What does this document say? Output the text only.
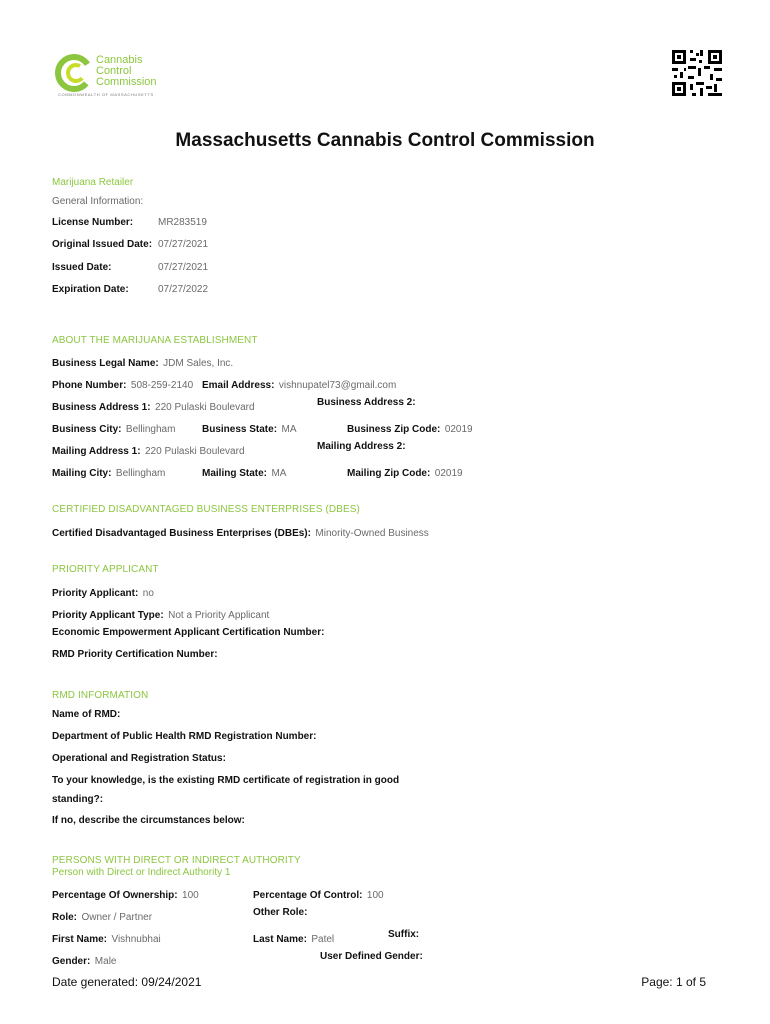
Cannabis
Control
Commission
COMMONWEALTH OF MASSACHUSETTS
Massachusetts Cannabis Control Commission
Marijuana Retailer
General Information:
License Number: MR283519
Original Issued Date: 07/27/2021
Issued Date:	07/27/2021
Expiration Date:	07/27/2022
ABOUT THE MARIJUANA ESTABLISHMENT
Business Legal Name: JDM Sales, Inc.
Phone Number: 508-259-2140 Email Address: vishnupatel73@gmail.com
Business Address 1: 220 Pulaski Boulevard	Business Address 2:
Business City: Bellingham	Business State: MA	Business Zip Code: 02019
Mailing Address 1: 220 Pulaski Boulevard	Mailing Address 2:
Mailing City: Bellingham	Mailing State: MA	Mailing Zip Code: 02019
CERTIFIED DISADVANTAGED BUSINESS ENTERPRISES (DBES)
Certified Disadvantaged Business Enterprises (DBEs): Minority-Owned Business
PRIORITY APPLICANT
Priority Applicant: no
Priority Applicant Type: Not a Priority Applicant
Economic Empowerment Applicant Certification Number:
RMD Priority Certification Number:
RMD INFORMATION
Name of RMD:
Department of Public Health RMD Registration Number:
Operational and Registration Status:
To your knowledge, is the existing RMD certificate of registration in good
standing?:
If no, describe the circumstances below:
PERSONS WITH DIRECT OR INDIRECT AUTHORITY
Person with Direct or Indirect Authority 1
Percentage Of Ownership: 100	Percentage Of Control: 100
Role: Owner / Partner	Other Role:
First Name: Vishnubhai	Last Name: Patel	Suffix:
Gender: Male	User Defined Gender:
Date generated: 09/24/2021	Page: 1 of 5
